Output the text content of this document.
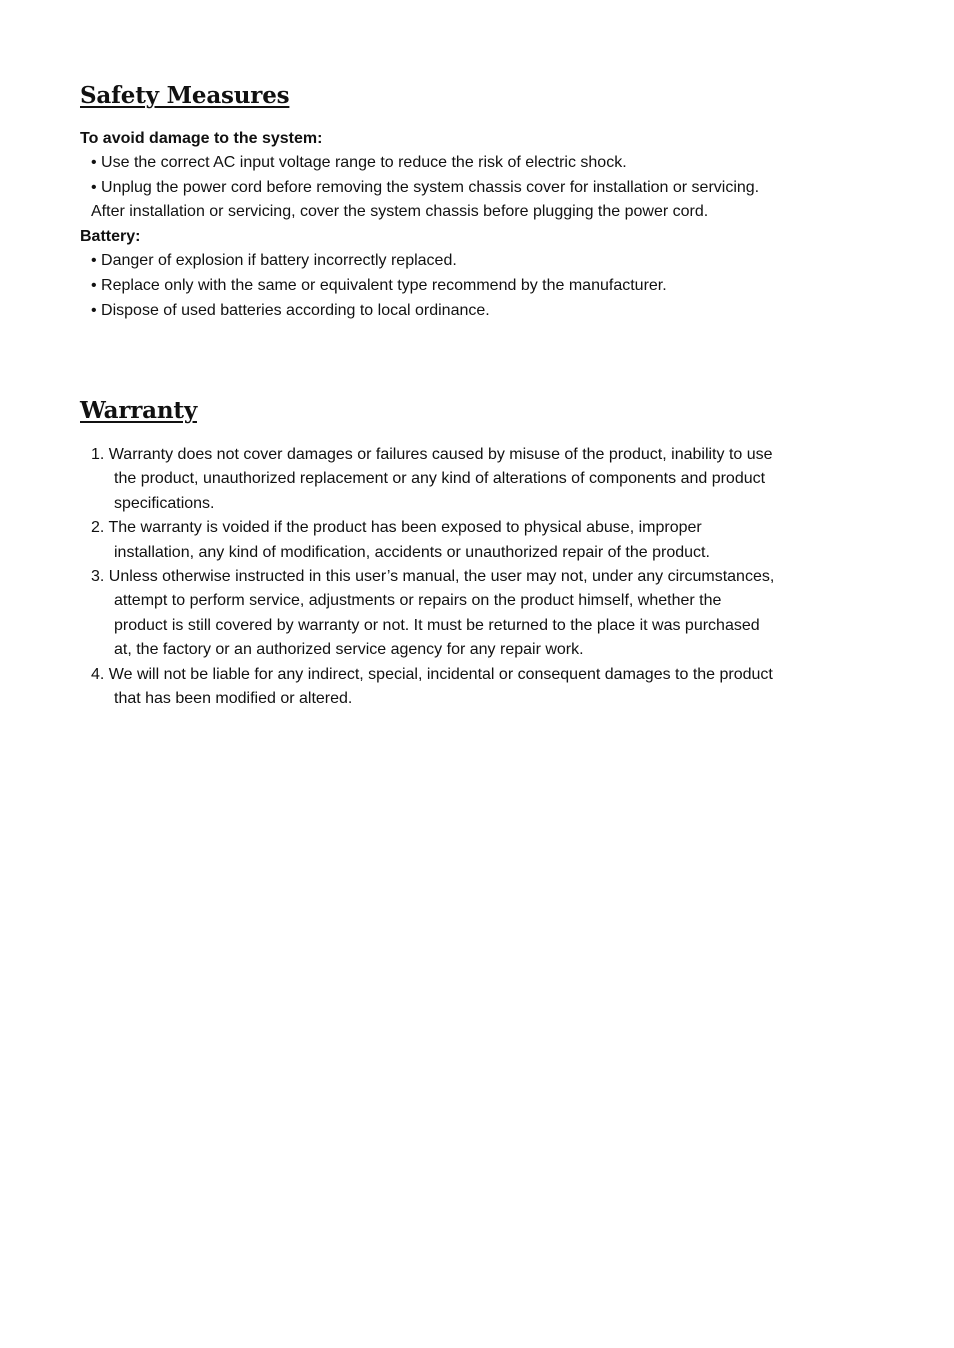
Safety Measures
To avoid damage to the system:
• Use the correct AC input voltage range to reduce the risk of electric shock.
• Unplug the power cord before removing the system chassis cover for installation or servicing.
After installation or servicing, cover the system chassis before plugging the power cord.
Battery:
• Danger of explosion if battery incorrectly replaced.
• Replace only with the same or equivalent type recommend by the manufacturer.
• Dispose of used batteries according to local ordinance.
Warranty
1. Warranty does not cover damages or failures caused by misuse of the product, inability to use
the product, unauthorized replacement or any kind of alterations of components and product
specifications.
2. The warranty is voided if the product has been exposed to physical abuse, improper
installation, any kind of modification, accidents or unauthorized repair of the product.
3. Unless otherwise instructed in this user’s manual, the user may not, under any circumstances,
attempt to perform service, adjustments or repairs on the product himself, whether the
product is still covered by warranty or not. It must be returned to the place it was purchased
at, the factory or an authorized service agency for any repair work.
4. We will not be liable for any indirect, special, incidental or consequent damages to the product
that has been modified or altered.
